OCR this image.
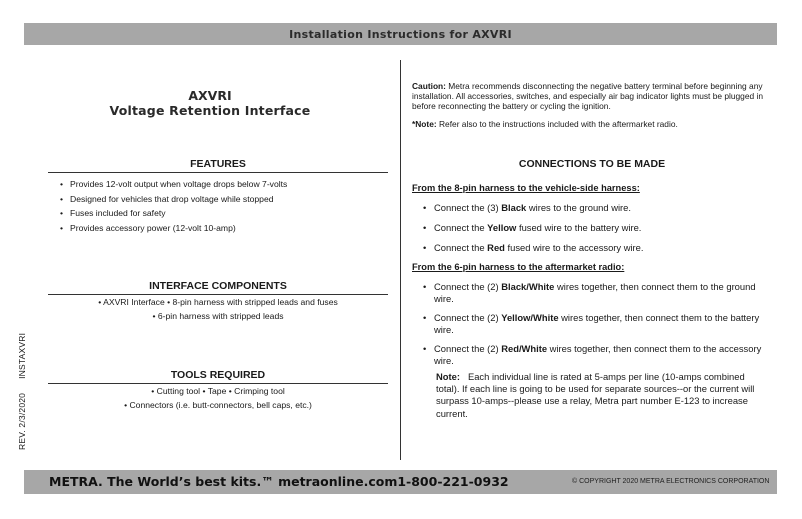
Installation Instructions for AXVRI
AXVRI
Voltage Retention Interface
FEATURES
• Provides 12-volt output when voltage drops below 7-volts
• Designed for vehicles that drop voltage while stopped
• Fuses included for safety
• Provides accessory power (12-volt 10-amp)
INTERFACE COMPONENTS
• AXVRI Interface • 8-pin harness with stripped leads and fuses
• 6-pin harness with stripped leads
TOOLS REQUIRED
• Cutting tool • Tape • Crimping tool
• Connectors (i.e. butt-connectors, bell caps, etc.)
REV. 2/3/2020INSTAXVRI
Caution: Metra recommends disconnecting the negative battery terminal before beginning any installation. All accessories, switches, and especially air bag indicator lights must be plugged in before reconnecting the battery or cycling the ignition.
*Note: Refer also to the instructions included with the aftermarket radio.
CONNECTIONS TO BE MADE
From the 8-pin harness to the vehicle-side harness:
• Connect the (3) Black wires to the ground wire.
• Connect the Yellow fused wire to the battery wire.
• Connect the Red fused wire to the accessory wire.
From the 6-pin harness to the aftermarket radio:
• Connect the (2) Black/White wires together, then connect them to the ground wire.
• Connect the (2) Yellow/White wires together, then connect them to the battery wire.
• Connect the (2) Red/White wires together, then connect them to the accessory wire.
Note: Each individual line is rated at 5-amps per line (10-amps combined total). If each line is going to be used for separate sources--or the current will surpass 10-amps--please use a relay, Metra part number E-123 to increase current.
METRA. The World’s best kits.™ metraonline.com1-800-221-0932	© COPYRIGHT 2020 METRA ELECTRONICS CORPORATION
